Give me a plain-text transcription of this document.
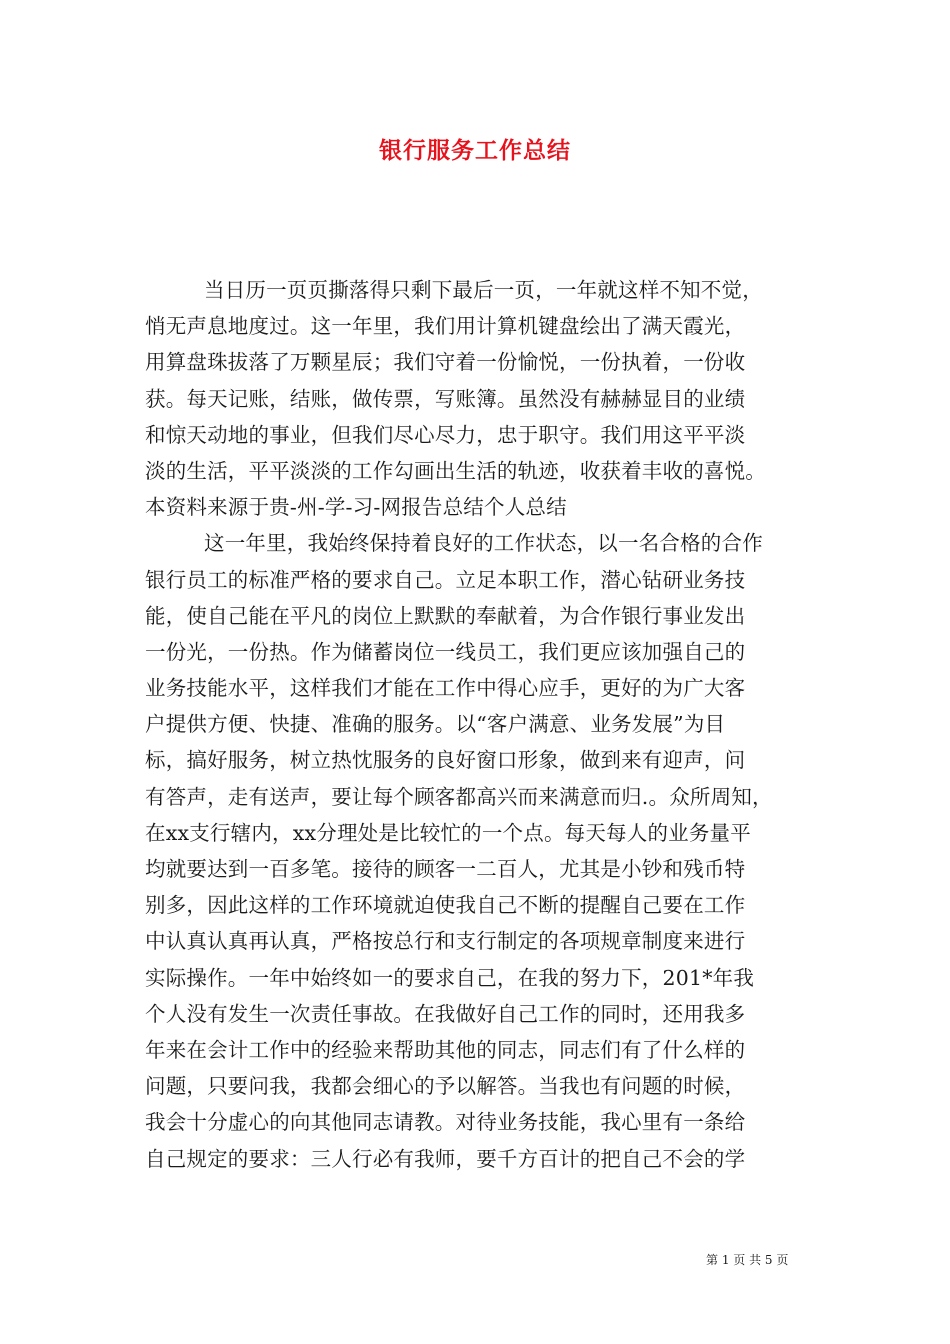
银行服务工作总结
当日历一页页撕落得只剩下最后一页，一年就这样不知不觉，
悄无声息地度过。这一年里，我们用计算机键盘绘出了满天霞光，
用算盘珠拔落了万颗星辰；我们守着一份愉悦，一份执着，一份收
获。每天记账，结账，做传票，写账簿。虽然没有赫赫显目的业绩
和惊天动地的事业，但我们尽心尽力，忠于职守。我们用这平平淡
淡的生活，平平淡淡的工作勾画出生活的轨迹，收获着丰收的喜悦。
本资料来源于贵-州-学-习-网报告总结个人总结
这一年里，我始终保持着良好的工作状态，以一名合格的合作
银行员工的标准严格的要求自己。立足本职工作，潜心钻研业务技
能，使自己能在平凡的岗位上默默的奉献着，为合作银行事业发出
一份光，一份热。作为储蓄岗位一线员工，我们更应该加强自己的
业务技能水平，这样我们才能在工作中得心应手，更好的为广大客
户提供方便、快捷、准确的服务。以“客户满意、业务发展”为目
标，搞好服务，树立热忱服务的良好窗口形象，做到来有迎声，问
有答声，走有送声，要让每个顾客都高兴而来满意而归.。众所周知，
在xx支行辖内，xx分理处是比较忙的一个点。每天每人的业务量平
均就要达到一百多笔。接待的顾客一二百人，尤其是小钞和残币特
别多，因此这样的工作环境就迫使我自己不断的提醒自己要在工作
中认真认真再认真，严格按总行和支行制定的各项规章制度来进行
实际操作。一年中始终如一的要求自己，在我的努力下，201*年我
个人没有发生一次责任事故。在我做好自己工作的同时，还用我多
年来在会计工作中的经验来帮助其他的同志，同志们有了什么样的
问题，只要问我，我都会细心的予以解答。当我也有问题的时候，
我会十分虚心的向其他同志请教。对待业务技能，我心里有一条给
自己规定的要求：三人行必有我师，要千方百计的把自己不会的学
第 1 页 共 5 页
